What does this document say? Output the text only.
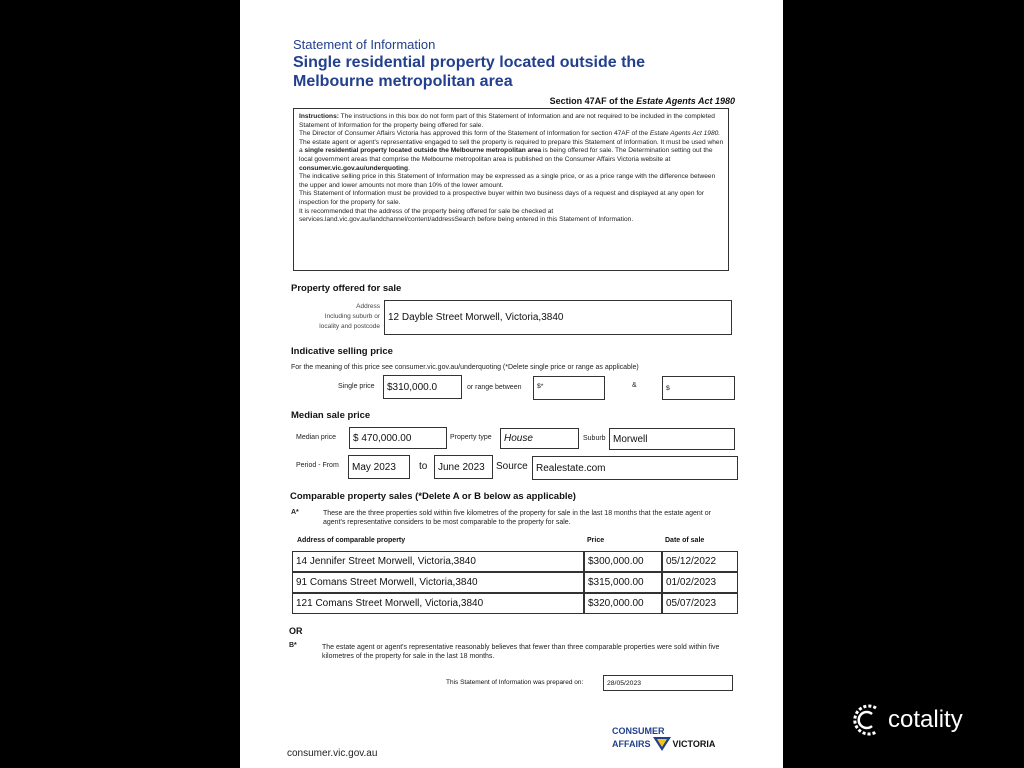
Statement of Information
Single residential property located outside the Melbourne metropolitan area
Section 47AF of the Estate Agents Act 1980

Instructions: The instructions in this box do not form part of this Statement of Information and are not required to be included in the completed Statement of Information for the property being offered for sale.

The Director of Consumer Affairs Victoria has approved this form of the Statement of Information for section 47AF of the Estate Agents Act 1980.

The estate agent or agent's representative engaged to sell the property is required to prepare this Statement of Information. It must be used when a single residential property located outside the Melbourne metropolitan area is being offered for sale. The Determination setting out the local government areas that comprise the Melbourne metropolitan area is published on the Consumer Affairs Victoria website at consumer.vic.gov.au/underquoting.

The indicative selling price in this Statement of Information may be expressed as a single price, or as a price range with the difference between the upper and lower amounts not more than 10% of the lower amount.

This Statement of Information must be provided to a prospective buyer within two business days of a request and displayed at any open for inspection for the property for sale.

It is recommended that the address of the property being offered for sale be checked at services.land.vic.gov.au/landchannel/content/addressSearch before being entered in this Statement of Information.

Property offered for sale
Address
Including suburb or
locality and postcode
12 Dayble Street Morwell, Victoria,3840
Indicative selling price
For the meaning of this price see consumer.vic.gov.au/underquoting (*Delete single price or range as applicable)
Single price	$310,000.0	or range between	$*	&	$
Median sale price
Median price	$ 470,000.00	Property type	House	Suburb Morwell
Period - From	May 2023	to	June 2023	Source Realestate.com
Comparable property sales (*Delete A or B below as applicable)
A*	These are the three properties sold within five kilometres of the property for sale in the last 18 months that the estate agent or agent's representative considers to be most comparable to the property for sale.
Address of comparable property	Price	Date of sale
14 Jennifer Street Morwell, Victoria,3840	$300,000.00	05/12/2022
91 Comans Street Morwell, Victoria,3840	$315,000.00	01/02/2023
121 Comans Street Morwell, Victoria,3840	$320,000.00	05/07/2023
OR
B*	The estate agent or agent's representative reasonably believes that fewer than three comparable properties were sold within five kilometres of the property for sale in the last 18 months.
This Statement of Information was prepared on:	28/05/2023
consumer.vic.gov.au
CONSUMER
AFFAIRS VICTORIA
cotality
